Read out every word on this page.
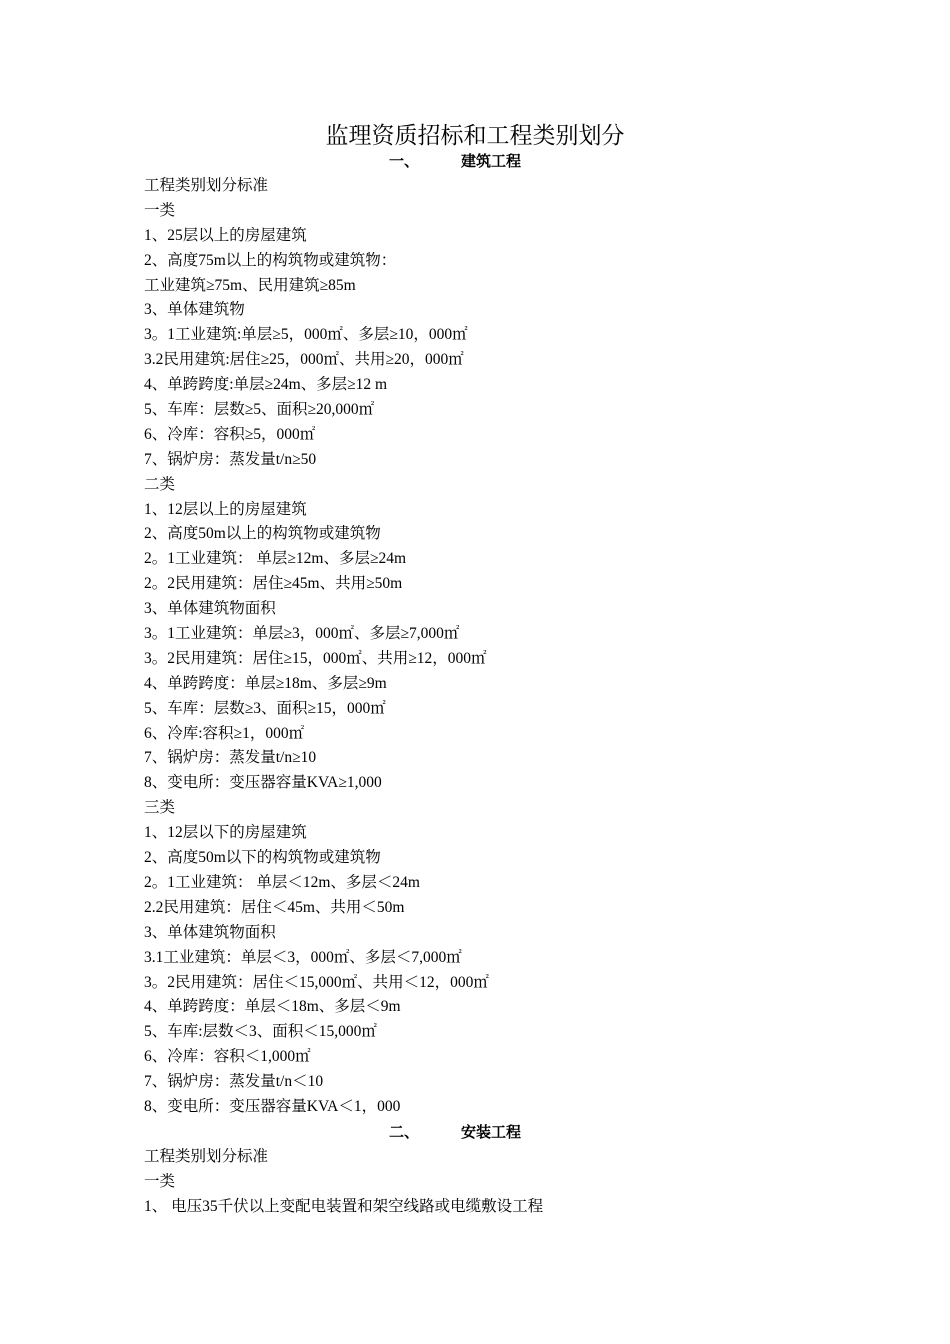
监理资质招标和工程类别划分
一、	建筑工程
工程类别划分标准
一类
1、25层以上的房屋建筑
2、高度75m以上的构筑物或建筑物：
工业建筑≥75m、民用建筑≥85m
3、单体建筑物
3。1工业建筑:单层≥5，000㎡、多层≥10，000㎡
3.2民用建筑:居住≥25，000㎡、共用≥20，000㎡
4、单跨跨度:单层≥24m、多层≥12 m
5、车库：层数≥5、面积≥20,000㎡
6、冷库：容积≥5，000㎡
7、锅炉房：蒸发量t/n≥50
二类
1、12层以上的房屋建筑
2、高度50m以上的构筑物或建筑物
2。1工业建筑： 单层≥12m、多层≥24m
2。2民用建筑：居住≥45m、共用≥50m
3、单体建筑物面积
3。1工业建筑：单层≥3，000㎡、多层≥7,000㎡
3。2民用建筑：居住≥15，000㎡、共用≥12，000㎡
4、单跨跨度：单层≥18m、多层≥9m
5、车库：层数≥3、面积≥15，000㎡
6、冷库:容积≥1，000㎡
7、锅炉房：蒸发量t/n≥10
8、变电所：变压器容量KVA≥1,000
三类
1、12层以下的房屋建筑
2、高度50m以下的构筑物或建筑物
2。1工业建筑： 单层＜12m、多层＜24m
2.2民用建筑：居住＜45m、共用＜50m
3、单体建筑物面积
3.1工业建筑：单层＜3，000㎡、多层＜7,000㎡
3。2民用建筑：居住＜15,000㎡、共用＜12，000㎡
4、单跨跨度：单层＜18m、多层＜9m
5、车库:层数＜3、面积＜15,000㎡
6、冷库：容积＜1,000㎡
7、锅炉房：蒸发量t/n＜10
8、变电所：变压器容量KVA＜1，000
二、	安装工程
工程类别划分标准
一类
1、 电压35千伏以上变配电装置和架空线路或电缆敷设工程
